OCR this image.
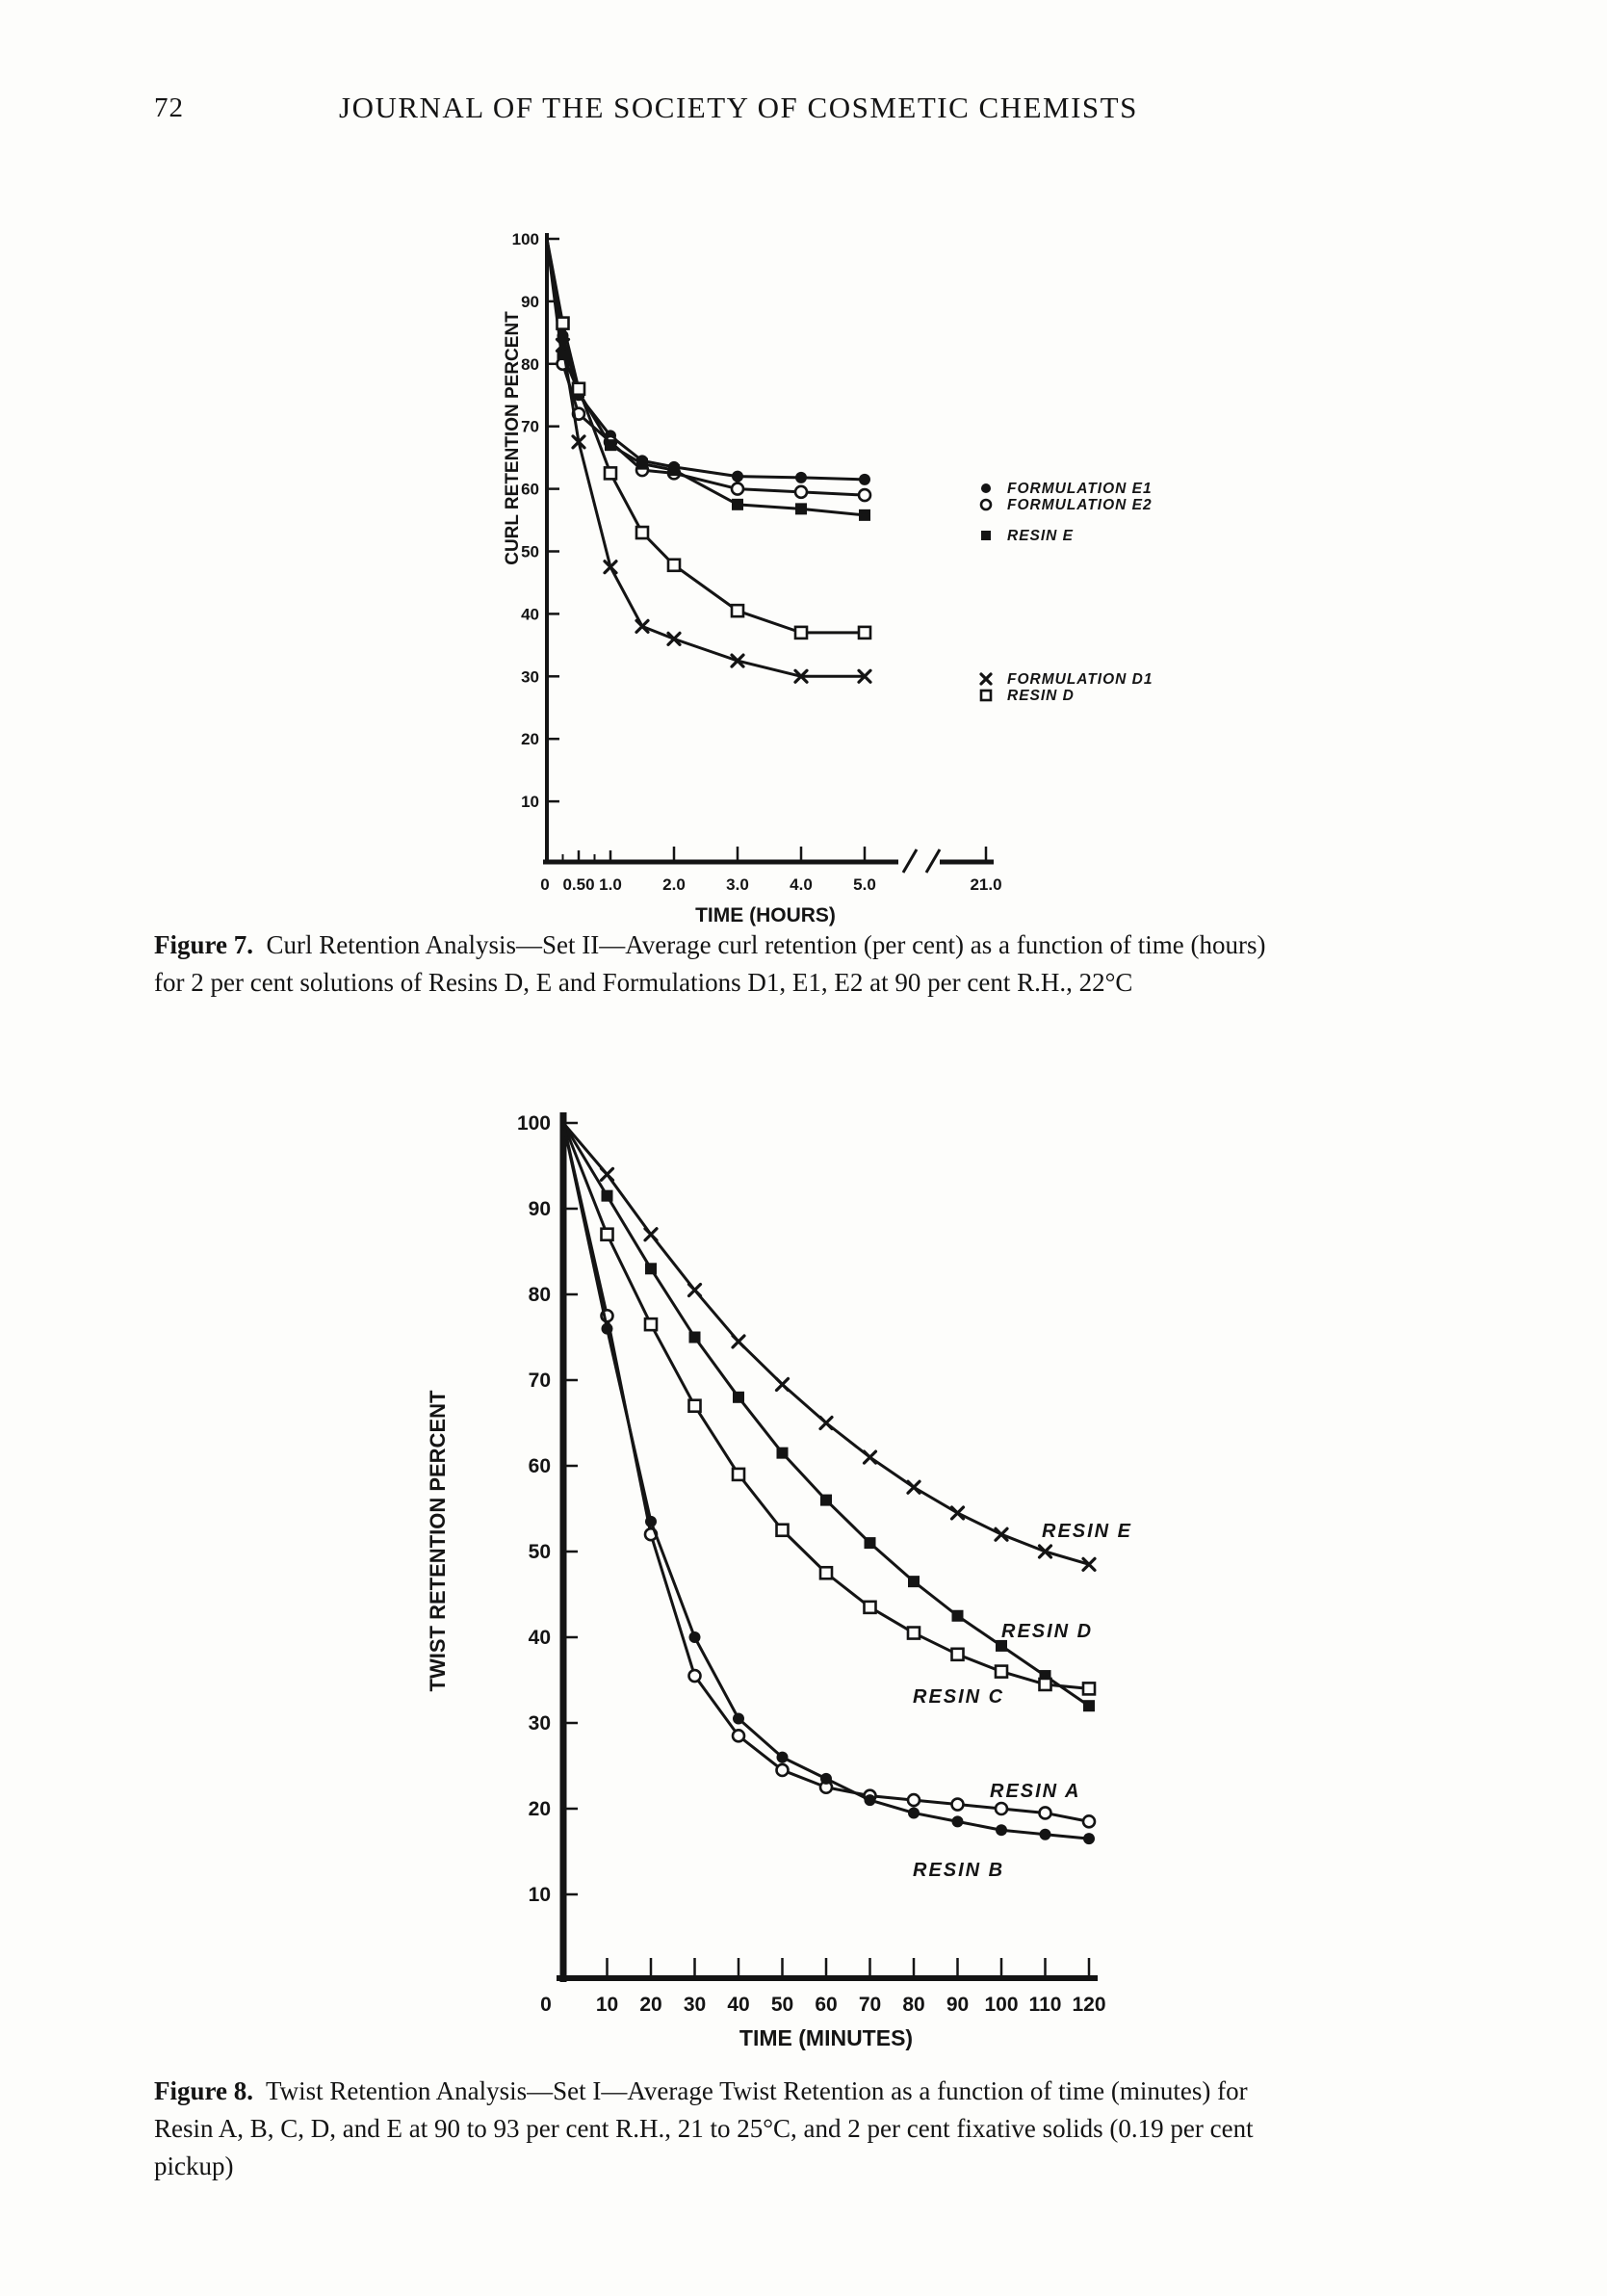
72	JOURNAL OF THE SOCIETY OF COSMETIC CHEMISTS
10
20
30
40
50
60
70
80
90
100
0 0.50 1.0 2.0 3.0 4.0 5.0	21.0
TIME (HOURS)
CURL RETENTION PERCENT	FORMULATION E1
FORMULATION E2
RESIN E
FORMULATION D1
RESIN D
Figure 7. Curl Retention Analysis—Set II—Average curl retention (per cent) as a function of time (hours)
for 2 per cent solutions of Resins D, E and Formulations D1, E1, E2 at 90 per cent R.H., 22°C
10
20
30
40
50
60
70
80
90
100
0 10 20 30 40 50 60 70 80 90 100 110 120
TIME (MINUTES)
TWIST RETENTION PERCENT	RESIN E
RESIN D
RESIN C
RESIN A
RESIN B
Figure 8. Twist Retention Analysis—Set I—Average Twist Retention as a function of time (minutes) for
Resin A, B, C, D, and E at 90 to 93 per cent R.H., 21 to 25°C, and 2 per cent fixative solids (0.19 per cent
pickup)
